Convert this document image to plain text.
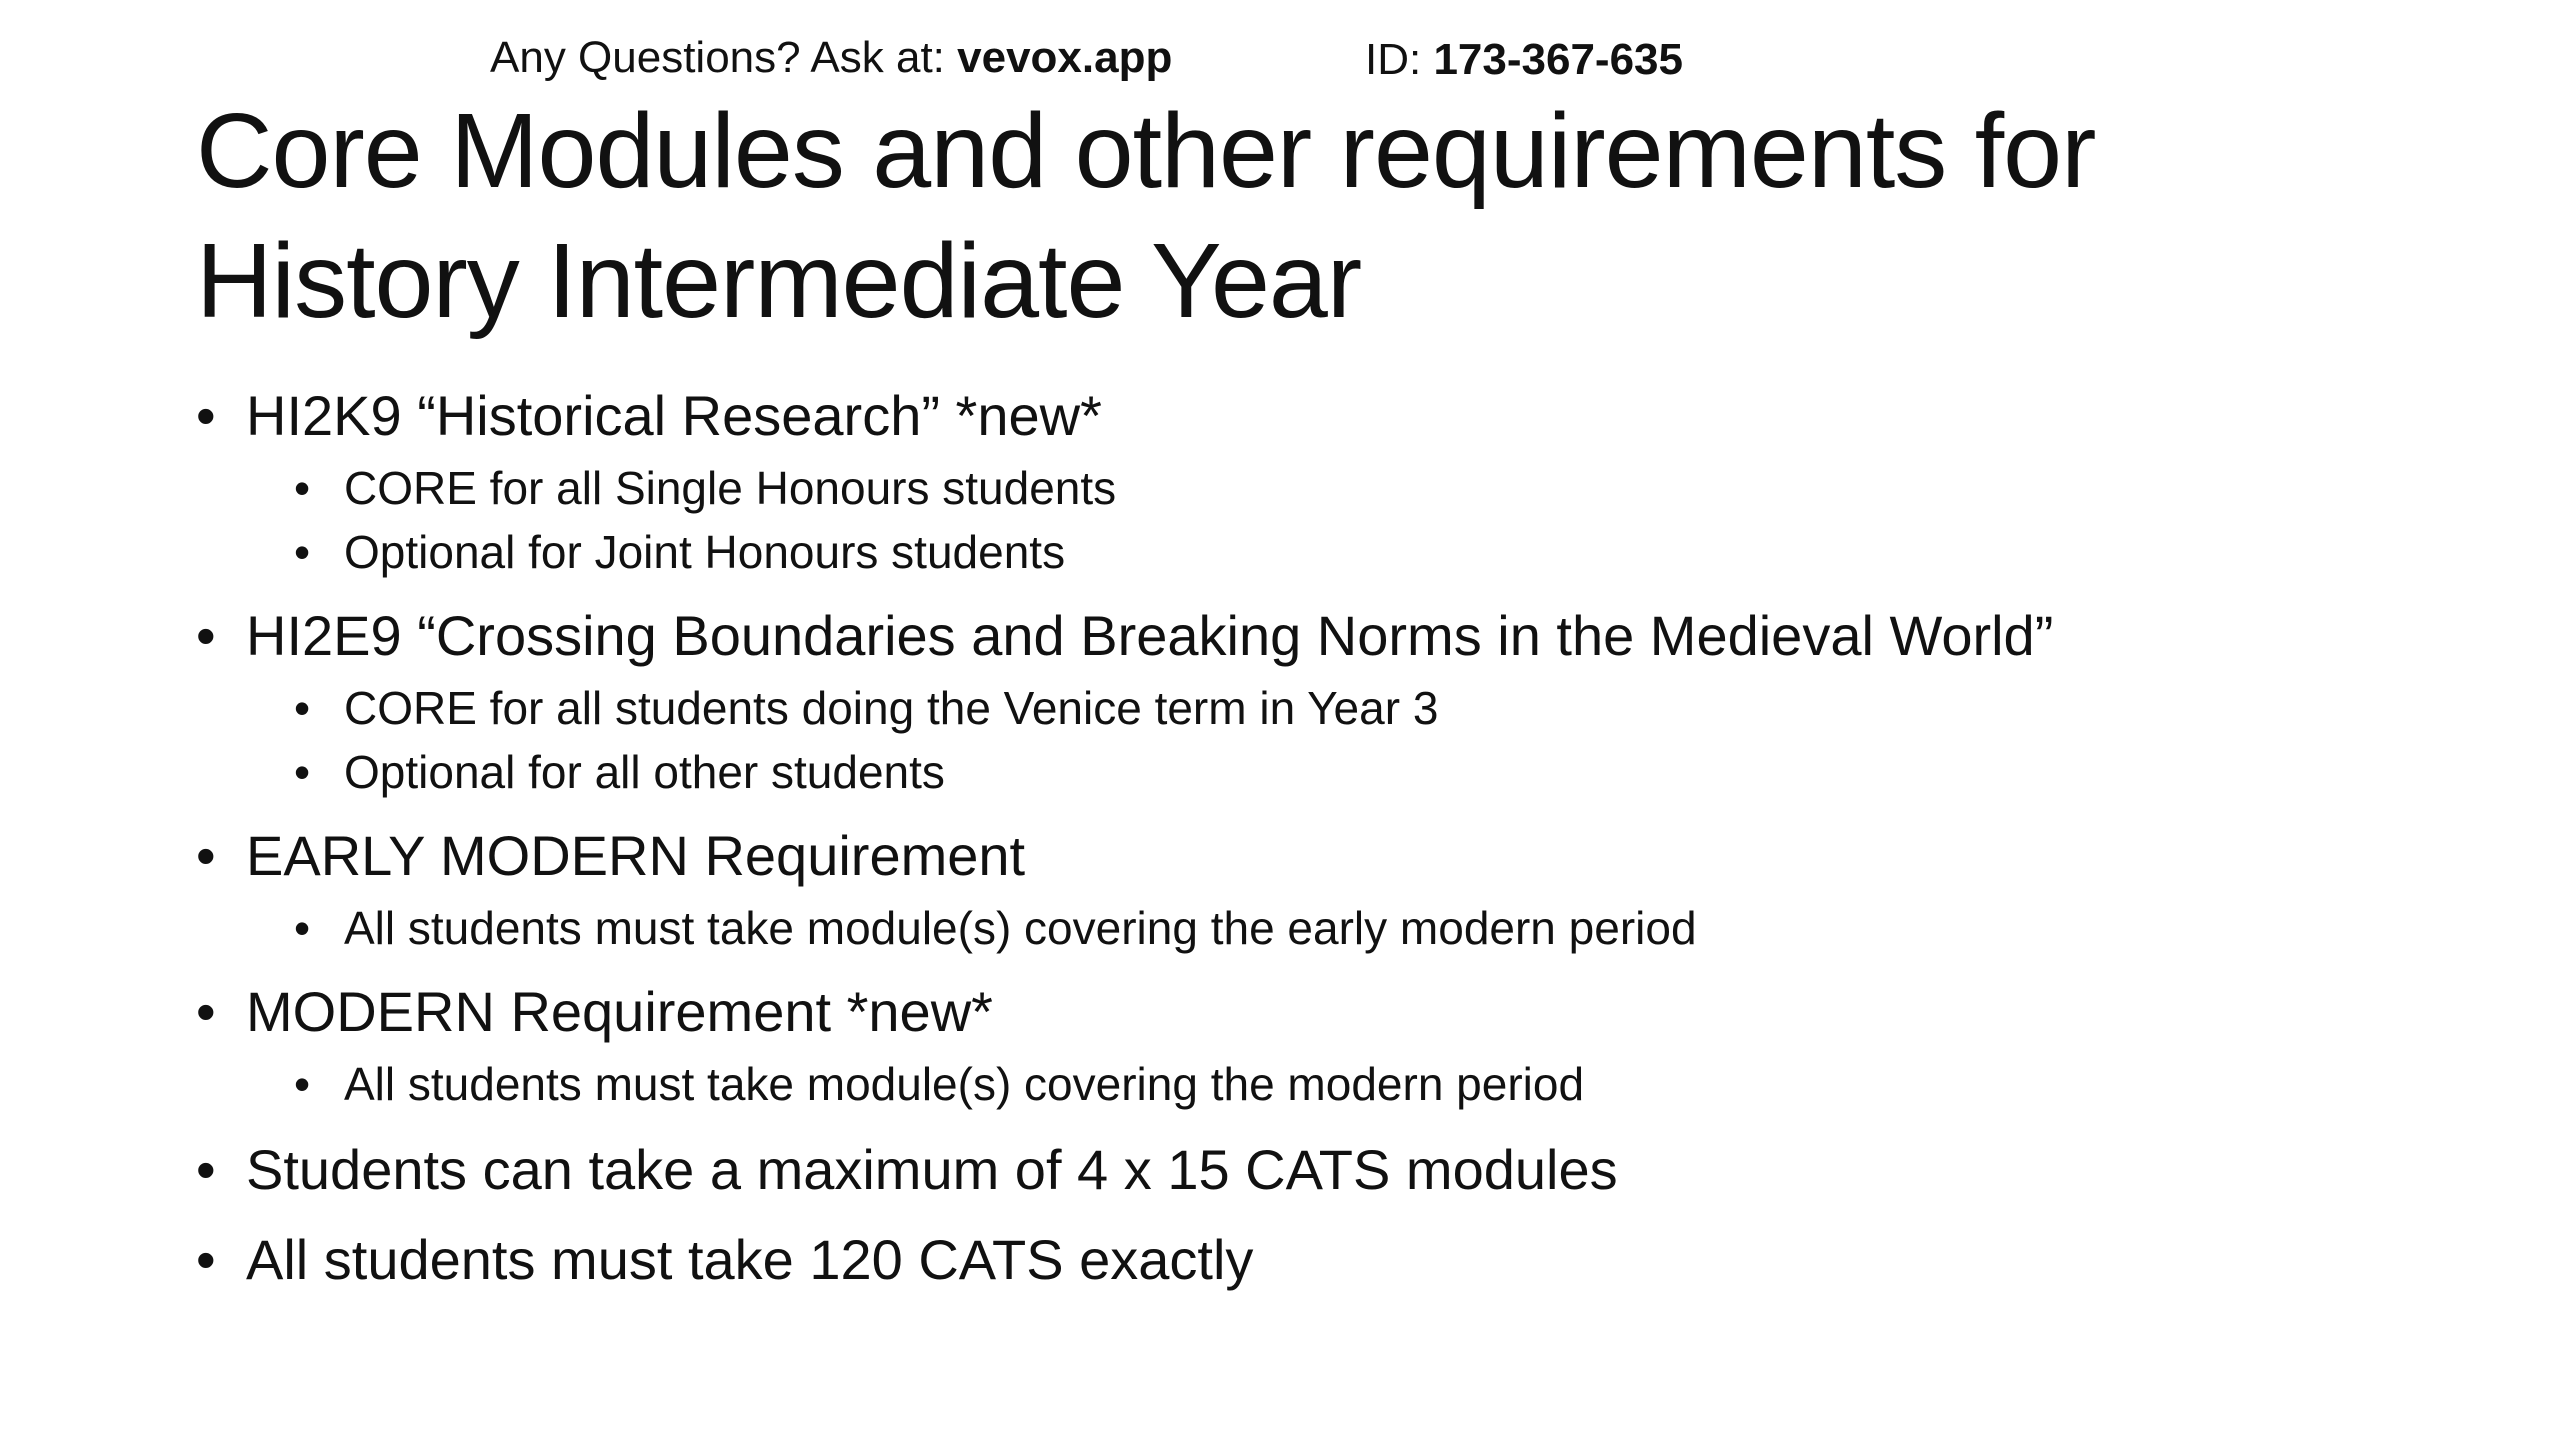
Any Questions? Ask at: vevox.app	ID: 173-367-635
Core Modules and other requirements for History Intermediate Year
• HI2K9 “Historical Research” *new*
• CORE for all Single Honours students
• Optional for Joint Honours students
• HI2E9 “Crossing Boundaries and Breaking Norms in the Medieval World”
• CORE for all students doing the Venice term in Year 3
• Optional for all other students
• EARLY MODERN Requirement
• All students must take module(s) covering the early modern period
• MODERN Requirement *new*
• All students must take module(s) covering the modern period
• Students can take a maximum of 4 x 15 CATS modules
• All students must take 120 CATS exactly
